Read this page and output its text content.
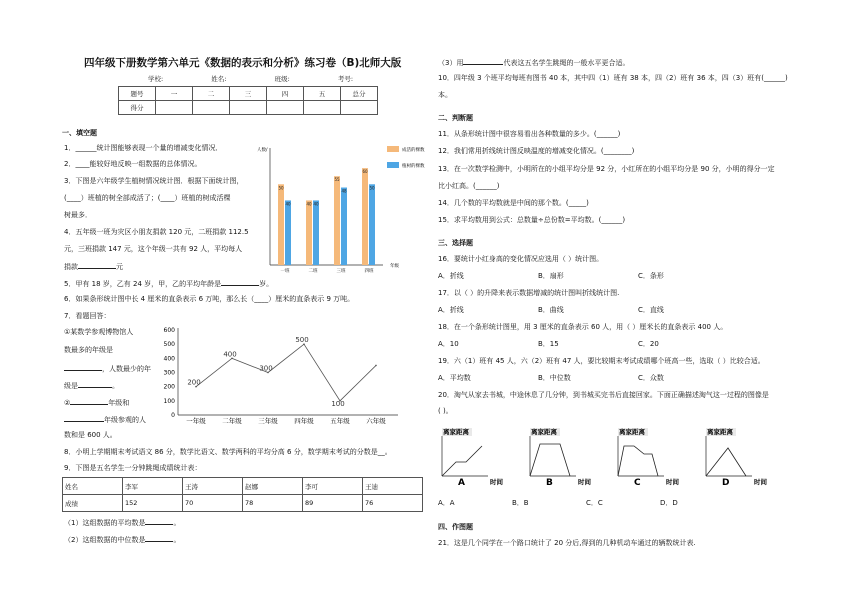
四年级下册数学第六单元《数据的表示和分析》练习卷（B)北师大版
学校:	姓名:	班级:	考号:
题号	一	二	三	四	五	总分
得分						
一、填空题
1．______统计图能够表现一个量的增减变化情况．
2．____能较好地反映一组数据的总体情况。
3．下图是六年级学生植树情况统计图．根据下面统计图，
(____）班植的树全部成活了；(____）班植的树成活棵
树最多．
4．五年级一班为灾区小朋友捐款 120 元，二班捐款 112.5
元，三班捐款 147 元，这个年级一共有 92 人，平均每人
捐款	元
5．甲有 18 岁，乙有 24 岁，甲，乙的平均年龄是	岁。
6．如果条形统计图中长 4 厘米的直条表示 6 万吨，那么长（____）厘米的直条表示 9 万吨。
7．看题回答：
①某数学参观博物馆人
数最多的年级是
，人数最少的年
级是	。
②	年级和
年级参观的人
数和是 600 人。
8．小明上学期期末考试语文 86 分，数学比语文、数学两科的平均分高 6 分，数学期末考试的分数是__。
9．下图是五名学生一分钟跳绳成绩统计表：
姓名	李军	王涛	赵娜	李可	王迪
成绩	152	70	78	89	76
（1）这组数据的平均数是	。
（2）这组数据的中位数是	。
人数/
年级
50
40
一班
40 40
二班
55
48
三班
60
50
四班
成活的棵数
植树的棵数
0
100
200
300
400
500
600
200
一年级
400
二年级
300
三年级
500
四年级
100
五年级	六年级
（3）用	代表这五名学生跳绳的一般水平更合适。
10．四年级 3 个班平均每班有图书 40 本，其中四（1）班有 38 本，四（2）班有 36 本，四（3）班有(______)
本。
二、判断题
11．从条形统计图中很容易看出各种数量的多少。(______)
12．我们常用折线统计图反映温度的增减变化情况。(________)
13．在一次数学检测中，小明所在的小组平均分是 92 分，小红所在的小组平均分是 90 分，小明的得分一定
比小红高。(______)
14．几个数的平均数就是中间的那个数。(_____)
15．求平均数用到公式：总数量÷总份数=平均数。(______)
三、选择题
16．要统计小红身高的变化情况应选用（ ）统计图。
A．折线	B．扇形	C．条形
17．以（ ）的升降来表示数据增减的统计图叫折线统计图.
A．折线	B．曲线	C．直线
18．在一个条形统计图里，用 3 厘米的直条表示 60 人，用（ ）厘米长的直条表示 400 人。
A．10	B．15	C．20
19．六（1）班有 45 人，六（2）班有 47 人，要比较期末考试成绩哪个班高一些，选取（ ）比较合适。
A．平均数	B．中位数	C．众数
20．淘气从家去书城，中途休息了几分钟，到书城买完书后直接回家。下面正确描述淘气这一过程的图像是
( )。
离家距离
时间
A
离家距离
时间
B
离家距离
时间
C
离家距离
时间
D
A．A	B．B	C．C	D．D
四、作图题
21．这是几个同学在一个路口统计了 20 分后,得到的几种机动车通过的辆数统计表.
